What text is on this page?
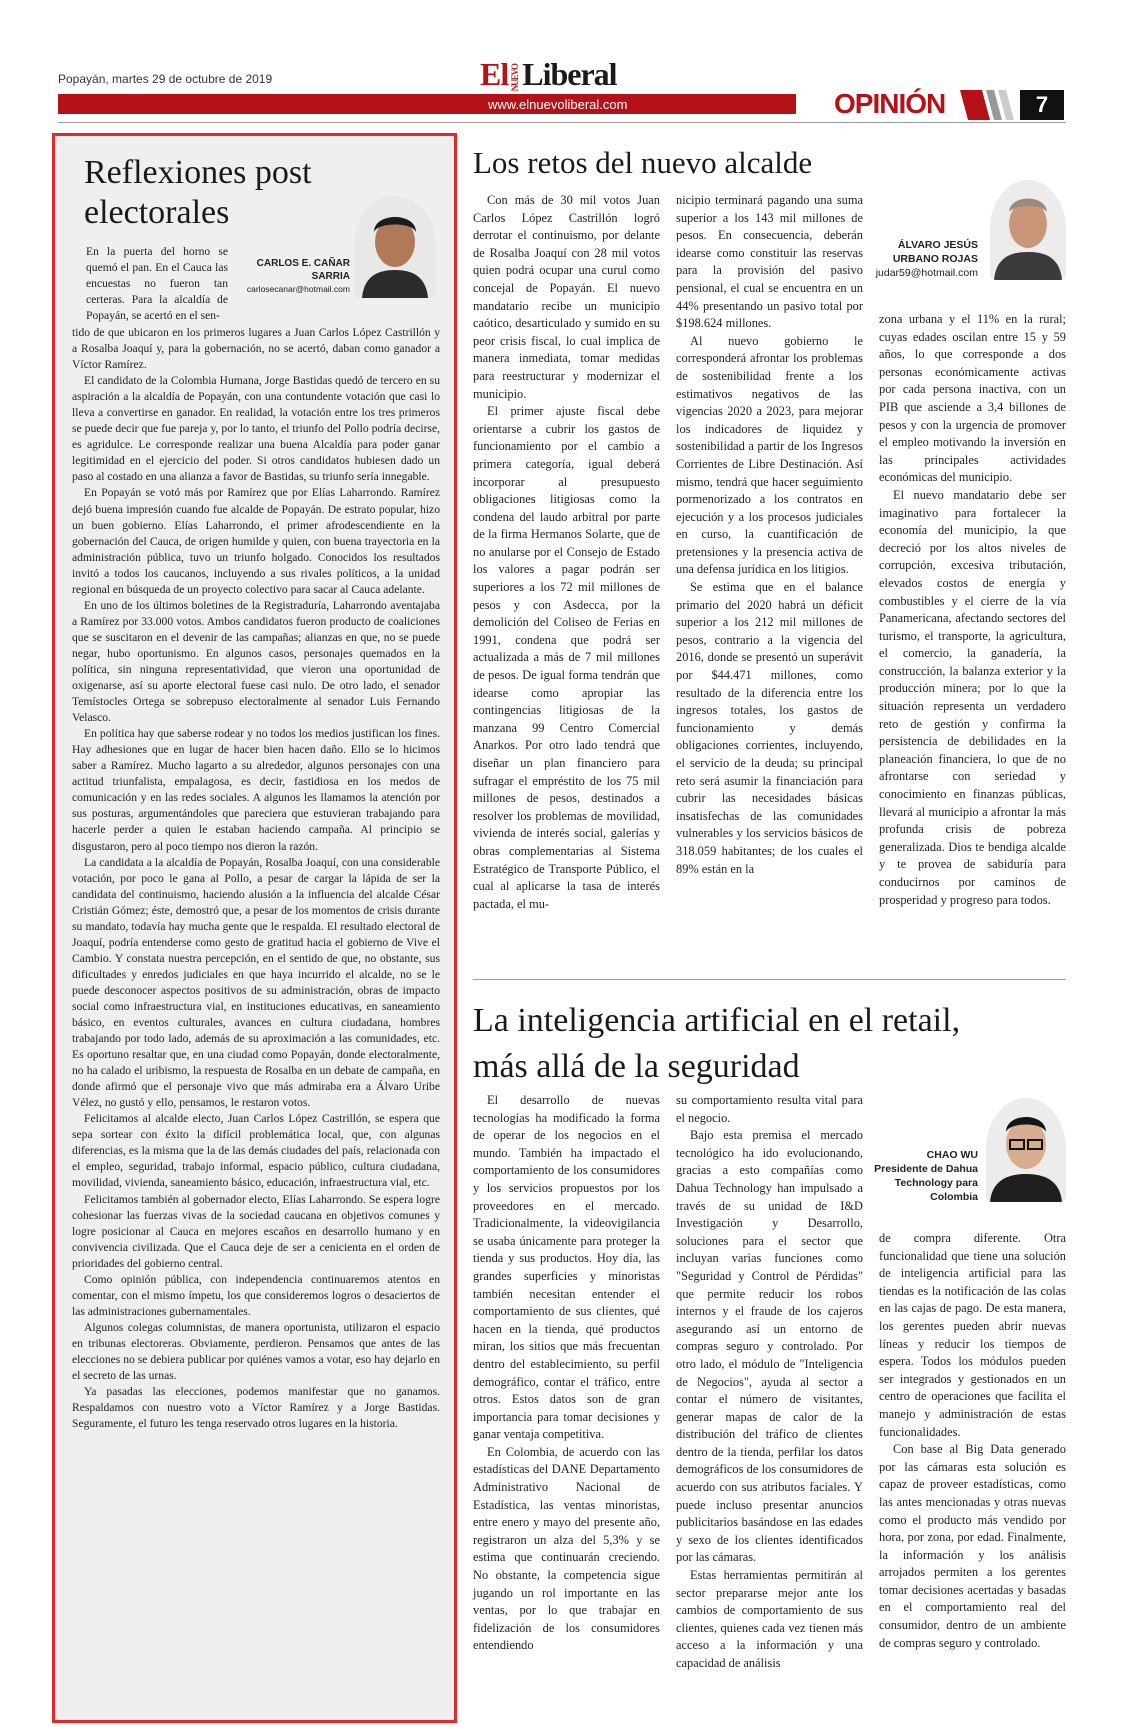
Popayán, martes 29 de octubre de 2019	El NUEVOLiberal
www.elnuevoliberal.com	OPINIÓN	7
Reflexiones post electorales
CARLOS E. CAÑAR SARRIA
carlosecanar@hotmail.com
En la puerta del horno se quemó el pan. En el Cauca las encuestas no fueron tan certeras. Para la alcaldía de Popayán, se acertó en el sen-

tido de que ubicaron en los primeros lugares a Juan Carlos López Castrillón y a Rosalba Joaquí y, para la gobernación, no se acertó, daban como ganador a Víctor Ramírez.

El candidato de la Colombia Humana, Jorge Bastidas quedó de tercero en su aspiración a la alcaldía de Popayán, con una contundente votación que casi lo lleva a convertirse en ganador. En realidad, la votación entre los tres primeros se puede decir que fue pareja y, por lo tanto, el triunfo del Pollo podría decirse, es agridulce. Le corresponde realizar una buena Alcaldía para poder ganar legitimidad en el ejercicio del poder. Si otros candidatos hubiesen dado un paso al costado en una alianza a favor de Bastidas, su triunfo sería innegable.

En Popayán se votó más por Ramírez que por Elías Laharrondo. Ramírez dejó buena impresión cuando fue alcalde de Popayán. De estrato popular, hizo un buen gobierno. Elías Laharrondo, el primer afrodescendiente en la gobernación del Cauca, de origen humilde y quien, con buena trayectoria en la administración pública, tuvo un triunfo holgado. Conocidos los resultados invitó a todos los caucanos, incluyendo a sus rivales políticos, a la unidad regional en búsqueda de un proyecto colectivo para sacar al Cauca adelante.

En uno de los últimos boletines de la Registraduría, Laharrondo aventajaba a Ramírez por 33.000 votos. Ambos candidatos fueron producto de coaliciones que se suscitaron en el devenir de las campañas; alianzas en que, no se puede negar, hubo oportunismo. En algunos casos, personajes quemados en la política, sin ninguna representatividad, que vieron una oportunidad de oxigenarse, así su aporte electoral fuese casi nulo. De otro lado, el senador Temístocles Ortega se sobrepuso electoralmente al senador Luis Fernando Velasco.

En política hay que saberse rodear y no todos los medios justifican los fines. Hay adhesiones que en lugar de hacer bien hacen daño. Ello se lo hicimos saber a Ramírez. Mucho lagarto a su alrededor, algunos personajes con una actitud triunfalista, empalagosa, es decir, fastidiosa en los medos de comunicación y en las redes sociales. A algunos les llamamos la atención por sus posturas, argumentándoles que pareciera que estuvieran trabajando para hacerle perder a quien le estaban haciendo campaña. Al principio se disgustaron, pero al poco tiempo nos dieron la razón.

La candidata a la alcaldía de Popayán, Rosalba Joaquí, con una considerable votación, por poco le gana al Pollo, a pesar de cargar la lápida de ser la candidata del continuismo, haciendo alusión a la influencia del alcalde César Cristián Gómez; éste, demostró que, a pesar de los momentos de crisis durante su mandato, todavía hay mucha gente que le respalda. El resultado electoral de Joaquí, podría entenderse como gesto de gratitud hacia el gobierno de Vive el Cambio. Y constata nuestra percepción, en el sentido de que, no obstante, sus dificultades y enredos judiciales en que haya incurrido el alcalde, no se le puede desconocer aspectos positivos de su administración, obras de impacto social como infraestructura vial, en instituciones educativas, en saneamiento básico, en eventos culturales, avances en cultura ciudadana, hombres trabajando por todo lado, además de su aproximación a las comunidades, etc. Es oportuno resaltar que, en una ciudad como Popayán, donde electoralmente, no ha calado el uribismo, la respuesta de Rosalba en un debate de campaña, en donde afirmó que el personaje vivo que más admiraba era a Álvaro Uribe Vélez, no gustó y ello, pensamos, le restaron votos.

Felicitamos al alcalde electo, Juan Carlos López Castrillón, se espera que sepa sortear con éxito la difícil problemática local, que, con algunas diferencias, es la misma que la de las demás ciudades del país, relacionada con el empleo, seguridad, trabajo informal, espacio público, cultura ciudadana, movilidad, vivienda, saneamiento básico, educación, infraestructura vial, etc.

Felicitamos también al gobernador electo, Elías Laharrondo. Se espera logre cohesionar las fuerzas vivas de la sociedad caucana en objetivos comunes y logre posicionar al Cauca en mejores escaños en desarrollo humano y en convivencia civilizada. Que el Cauca deje de ser a cenicienta en el orden de prioridades del gobierno central.

Como opinión pública, con independencia continuaremos atentos en comentar, con el mismo ímpetu, los que consideremos logros o desaciertos de las administraciones gubernamentales.

Algunos colegas columnistas, de manera oportunista, utilizaron el espacio en tribunas electoreras. Obviamente, perdieron. Pensamos que antes de las elecciones no se debiera publicar por quiénes vamos a votar, eso hay dejarlo en el secreto de las urnas.

Ya pasadas las elecciones, podemos manifestar que no ganamos. Respaldamos con nuestro voto a Víctor Ramírez y a Jorge Bastidas. Seguramente, el futuro les tenga reservado otros lugares en la historia.

Los retos del nuevo alcalde
ÁLVARO JESÚS
URBANO ROJAS
judar59@hotmail.com

Con más de 30 mil votos Juan Carlos López Castrillón logró derrotar el continuismo, por delante de Rosalba Joaquí con 28 mil votos quien podrá ocupar una curul como concejal de Popayán. El nuevo mandatario recibe un municipio caótico, desarticulado y sumido en su peor crisis fiscal, lo cual implica de manera inmediata, tomar medidas para reestructurar y modernizar el municipio.

El primer ajuste fiscal debe orientarse a cubrir los gastos de funcionamiento por el cambio a primera categoría, igual deberá incorporar al presupuesto obligaciones litigiosas como la condena del laudo arbitral por parte de la firma Hermanos Solarte, que de no anularse por el Consejo de Estado los valores a pagar podrán ser superiores a los 72 mil millones de pesos y con Asdecca, por la demolición del Coliseo de Ferias en 1991, condena que podrá ser actualizada a más de 7 mil millones de pesos. De igual forma tendrán que idearse como apropiar las contingencias litigiosas de la manzana 99 Centro Comercial Anarkos. Por otro lado tendrá que diseñar un plan financiero para sufragar el empréstito de los 75 mil millones de pesos, destinados a resolver los problemas de movilidad, vivienda de interés social, galerías y obras complementarias al Sistema Estratégico de Transporte Público, el cual al aplicarse la tasa de interés pactada, el mu-

nicipio terminará pagando una suma superior a los 143 mil millones de pesos. En consecuencia, deberán idearse como constituir las reservas para la provisión del pasivo pensional, el cual se encuentra en un 44% presentando un pasivo total por $198.624 millones.

Al nuevo gobierno le corresponderá afrontar los problemas de sostenibilidad frente a los estimativos negativos de las vigencias 2020 a 2023, para mejorar los indicadores de liquidez y sostenibilidad a partir de los Ingresos Corrientes de Libre Destinación. Así mismo, tendrá que hacer seguimiento pormenorizado a los contratos en ejecución y a los procesos judiciales en curso, la cuantificación de pretensiones y la presencia activa de una defensa jurídica en los litigios.

Se estima que en el balance primario del 2020 habrá un déficit superior a los 212 mil millones de pesos, contrario a la vigencia del 2016, donde se presentó un superávit por $44.471 millones, como resultado de la diferencia entre los ingresos totales, los gastos de funcionamiento y demás obligaciones corrientes, incluyendo, el servicio de la deuda; su principal reto será asumir la financiación para cubrir las necesidades básicas insatisfechas de las comunidades vulnerables y los servicios básicos de 318.059 habitantes; de los cuales el 89% están en la

zona urbana y el 11% en la rural; cuyas edades oscilan entre 15 y 59 años, lo que corresponde a dos personas económicamente activas por cada persona inactiva, con un PIB que asciende a 3,4 billones de pesos y con la urgencia de promover el empleo motivando la inversión en las principales actividades económicas del municipio.

El nuevo mandatario debe ser imaginativo para fortalecer la economía del municipio, la que decreció por los altos niveles de corrupción, excesiva tributación, elevados costos de energía y combustibles y el cierre de la vía Panamericana, afectando sectores del turismo, el transporte, la agricultura, el comercio, la ganadería, la construcción, la balanza exterior y la producción minera; por lo que la situación representa un verdadero reto de gestión y confirma la persistencia de debilidades en la planeación financiera, lo que de no afrontarse con seriedad y conocimiento en finanzas públicas, llevará al municipio a afrontar la más profunda crisis de pobreza generalizada. Dios te bendiga alcalde y te provea de sabiduría para conducirnos por caminos de prosperidad y progreso para todos.

La inteligencia artificial en el retail, más allá de la seguridad
CHAO WU
Presidente de Dahua Technology para Colombia

El desarrollo de nuevas tecnologías ha modificado la forma de operar de los negocios en el mundo. También ha impactado el comportamiento de los consumidores y los servicios propuestos por los proveedores en el mercado. Tradicionalmente, la videovigilancia se usaba únicamente para proteger la tienda y sus productos. Hoy día, las grandes superficies y minoristas también necesitan entender el comportamiento de sus clientes, qué hacen en la tienda, qué productos miran, los sitios que más frecuentan dentro del establecimiento, su perfil demográfico, contar el tráfico, entre otros. Estos datos son de gran importancia para tomar decisiones y ganar ventaja competitiva.

En Colombia, de acuerdo con las estadísticas del DANE Departamento Administrativo Nacional de Estadística, las ventas minoristas, entre enero y mayo del presente año, registraron un alza del 5,3% y se estima que continuarán creciendo. No obstante, la competencia sigue jugando un rol importante en las ventas, por lo que trabajar en fidelización de los consumidores entendiendo

su comportamiento resulta vital para el negocio.

Bajo esta premisa el mercado tecnológico ha ido evolucionando, gracias a esto compañías como Dahua Technology han impulsado a través de su unidad de I&D Investigación y Desarrollo, soluciones para el sector que incluyan varias funciones como "Seguridad y Control de Pérdidas" que permite reducir los robos internos y el fraude de los cajeros asegurando así un entorno de compras seguro y controlado. Por otro lado, el módulo de "Inteligencia de Negocios", ayuda al sector a contar el número de visitantes, generar mapas de calor de la distribución del tráfico de clientes dentro de la tienda, perfilar los datos demográficos de los consumidores de acuerdo con sus atributos faciales. Y puede incluso presentar anuncios publicitarios basándose en las edades y sexo de los clientes identificados por las cámaras.

Estas herramientas permitirán al sector prepararse mejor ante los cambios de comportamiento de sus clientes, quienes cada vez tienen más acceso a la información y una capacidad de análisis

de compra diferente. Otra funcionalidad que tiene una solución de inteligencia artificial para las tiendas es la notificación de las colas en las cajas de pago. De esta manera, los gerentes pueden abrir nuevas líneas y reducir los tiempos de espera. Todos los módulos pueden ser integrados y gestionados en un centro de operaciones que facilita el manejo y administración de estas funcionalidades.

Con base al Big Data generado por las cámaras esta solución es capaz de proveer estadísticas, como las antes mencionadas y otras nuevas como el producto más vendido por hora, por zona, por edad. Finalmente, la información y los análisis arrojados permiten a los gerentes tomar decisiones acertadas y basadas en el comportamiento real del consumidor, dentro de un ambiente de compras seguro y controlado.
